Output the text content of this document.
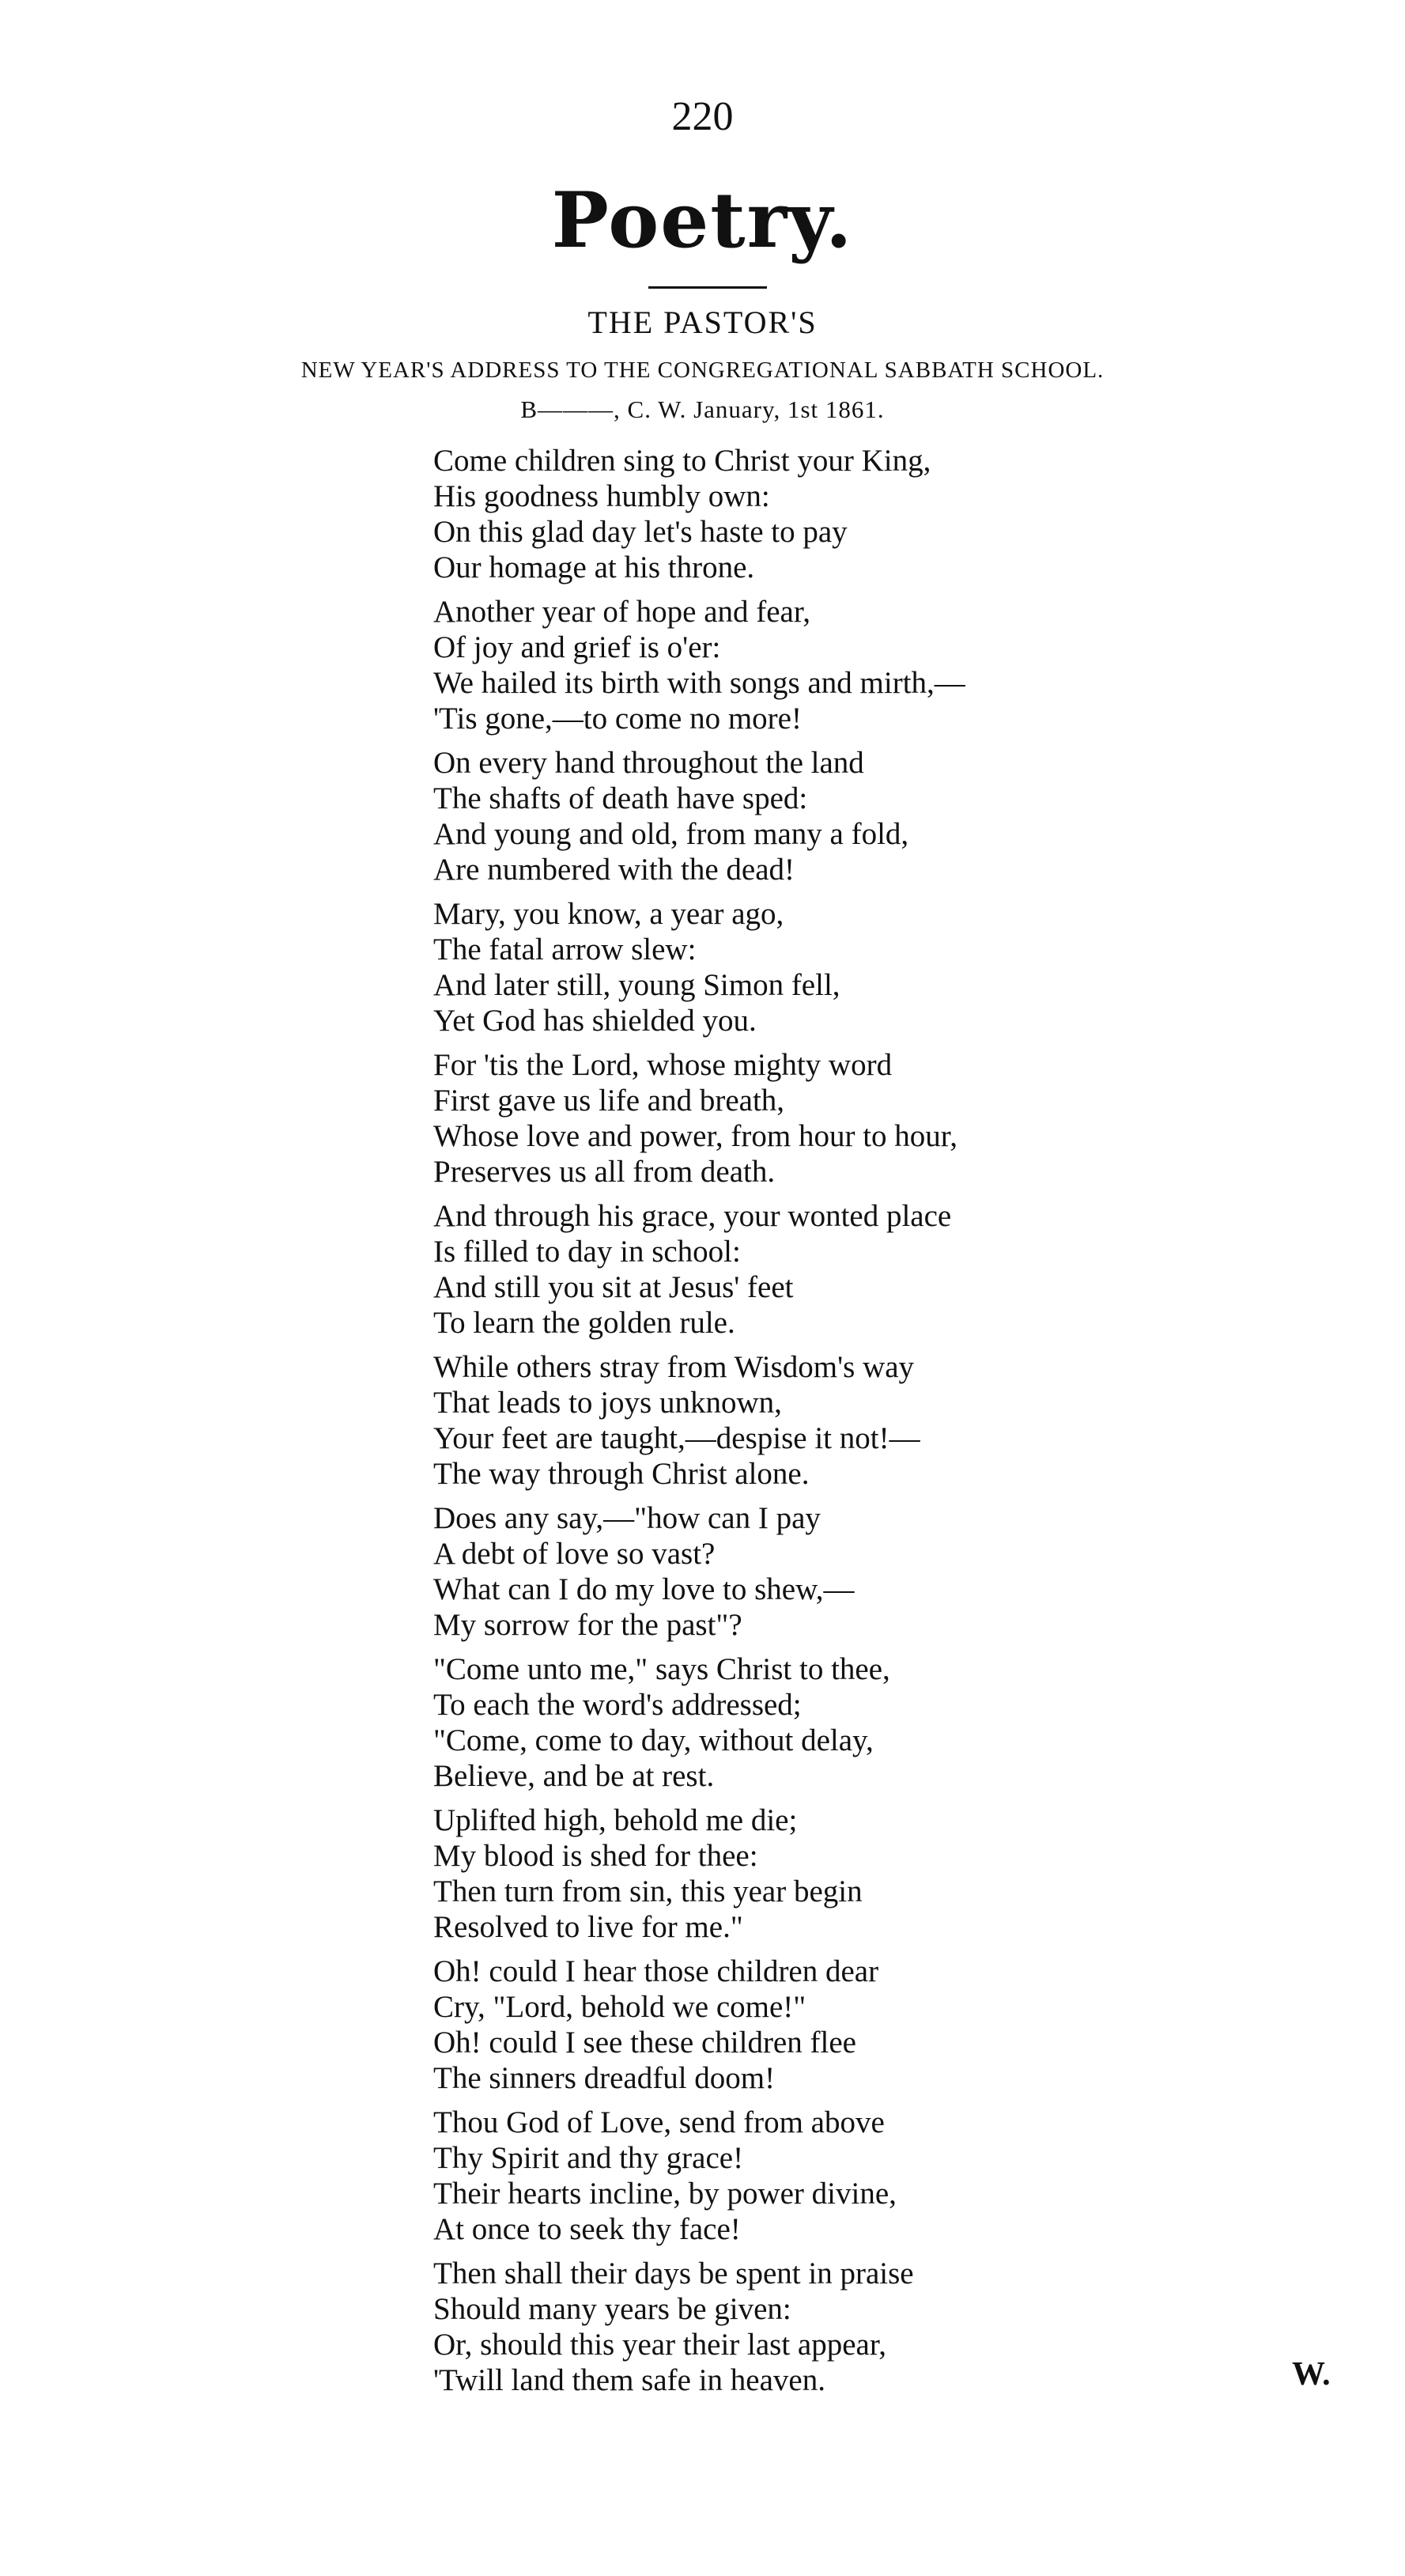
220
Poetry.
THE PASTOR'S
NEW YEAR'S ADDRESS TO THE CONGREGATIONAL SABBATH SCHOOL.
B———, C. W. January, 1st 1861.
Come children sing to Christ your King,
His goodness humbly own:
On this glad day let's haste to pay
Our homage at his throne.
Another year of hope and fear,
Of joy and grief is o'er:
We hailed its birth with songs and mirth,—
'Tis gone,—to come no more!
On every hand throughout the land
The shafts of death have sped:
And young and old, from many a fold,
Are numbered with the dead!
Mary, you know, a year ago,
The fatal arrow slew:
And later still, young Simon fell,
Yet God has shielded you.
For 'tis the Lord, whose mighty word
First gave us life and breath,
Whose love and power, from hour to hour,
Preserves us all from death.
And through his grace, your wonted place
Is filled to day in school:
And still you sit at Jesus' feet
To learn the golden rule.
While others stray from Wisdom's way
That leads to joys unknown,
Your feet are taught,—despise it not!—
The way through Christ alone.
Does any say,—"how can I pay
A debt of love so vast?
What can I do my love to shew,—
My sorrow for the past"?
"Come unto me," says Christ to thee,
To each the word's addressed;
"Come, come to day, without delay,
Believe, and be at rest.
Uplifted high, behold me die;
My blood is shed for thee:
Then turn from sin, this year begin
Resolved to live for me."
Oh! could I hear those children dear
Cry, "Lord, behold we come!"
Oh! could I see these children flee
The sinners dreadful doom!
Thou God of Love, send from above
Thy Spirit and thy grace!
Their hearts incline, by power divine,
At once to seek thy face!
Then shall their days be spent in praise
Should many years be given:
Or, should this year their last appear,
'Twill land them safe in heaven.	W.
